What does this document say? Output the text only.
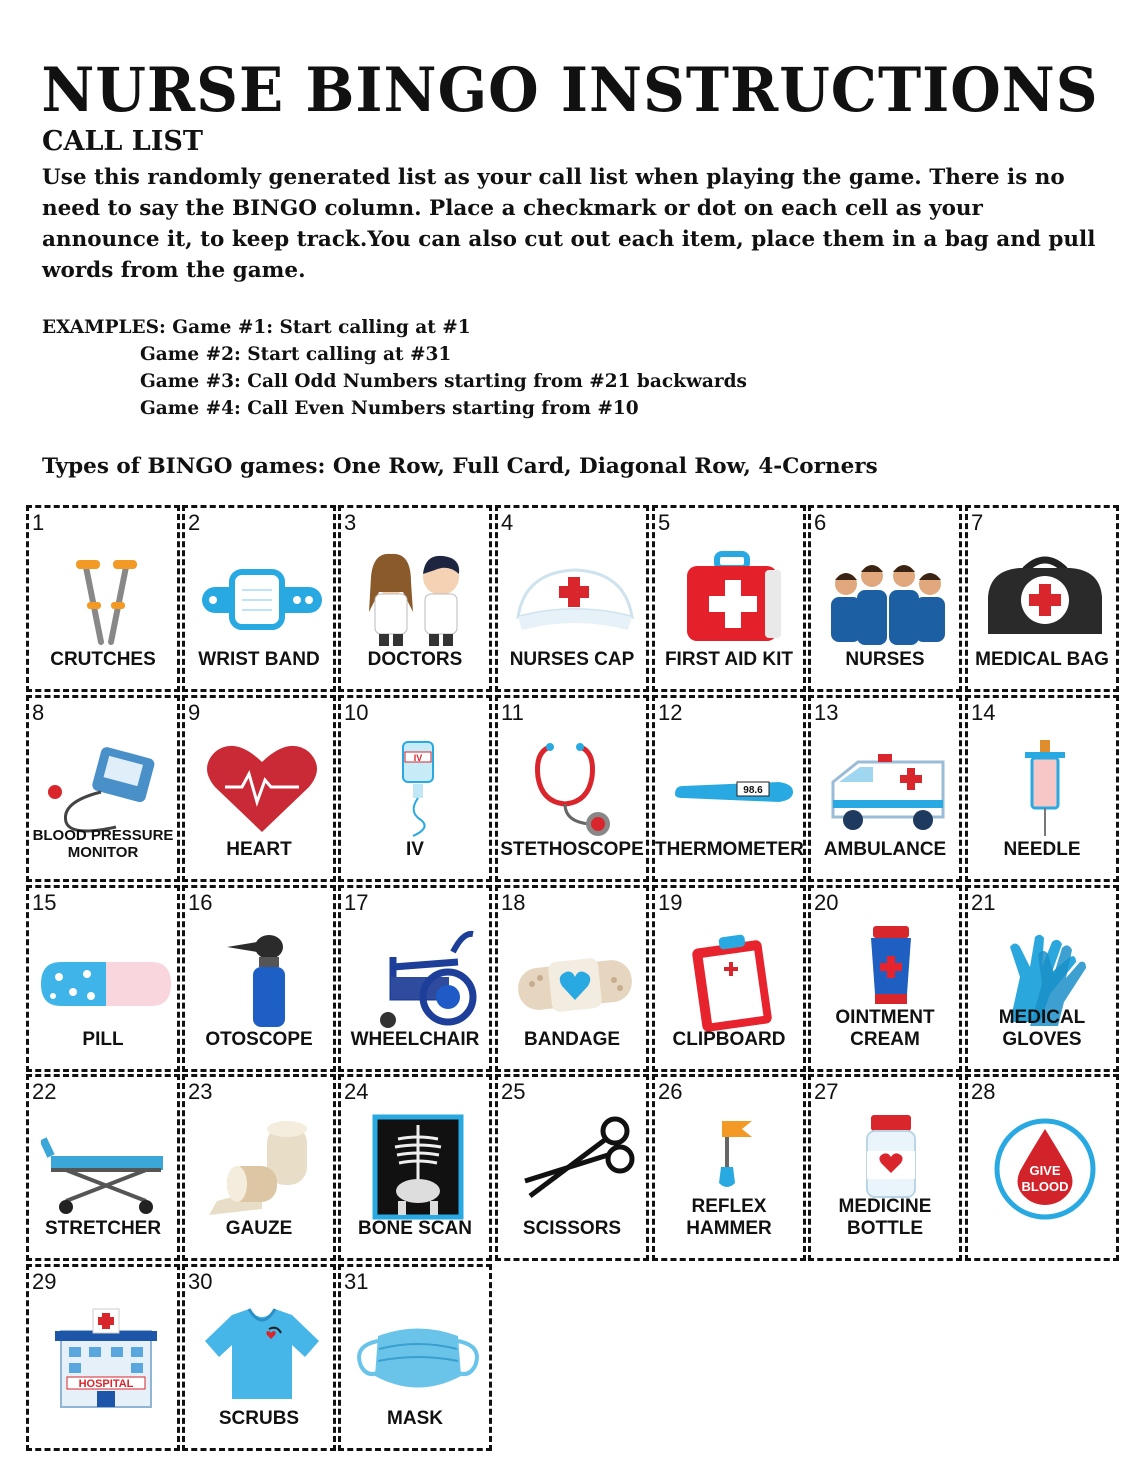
NURSE BINGO INSTRUCTIONS
CALL LIST
Use this randomly generated list as your call list when playing the game. There is no need to say the BINGO column. Place a checkmark or dot on each cell as your announce it, to keep track.You can also cut out each item, place them in a bag and pull words from the game.
EXAMPLES: Game #1: Start calling at #1
Game #2: Start calling at #31
Game #3: Call Odd Numbers starting from #21 backwards
Game #4: Call Even Numbers starting from #10
Types of BINGO games: One Row, Full Card, Diagonal Row, 4-Corners
1
CRUTCHES
2
WRIST BAND
3
DOCTORS
4
NURSES CAP
5
FIRST AID KIT
6
NURSES
7
MEDICAL BAG
8
BLOOD PRESSURE
MONITOR
9
HEART
10
IV
IV
11
STETHOSCOPE
12
98.6
THERMOMETER
13
AMBULANCE
14
NEEDLE
15
PILL
16
OTOSCOPE
17
WHEELCHAIR
18
BANDAGE
19
CLIPBOARD
20
OINTMENT
CREAM
21
MEDICAL
GLOVES
22
STRETCHER
23
GAUZE
24
BONE SCAN
25
SCISSORS
26
REFLEX
HAMMER
27
MEDICINE
BOTTLE
28
GIVE
BLOOD
29
HOSPITAL
30
SCRUBS
31
MASK
